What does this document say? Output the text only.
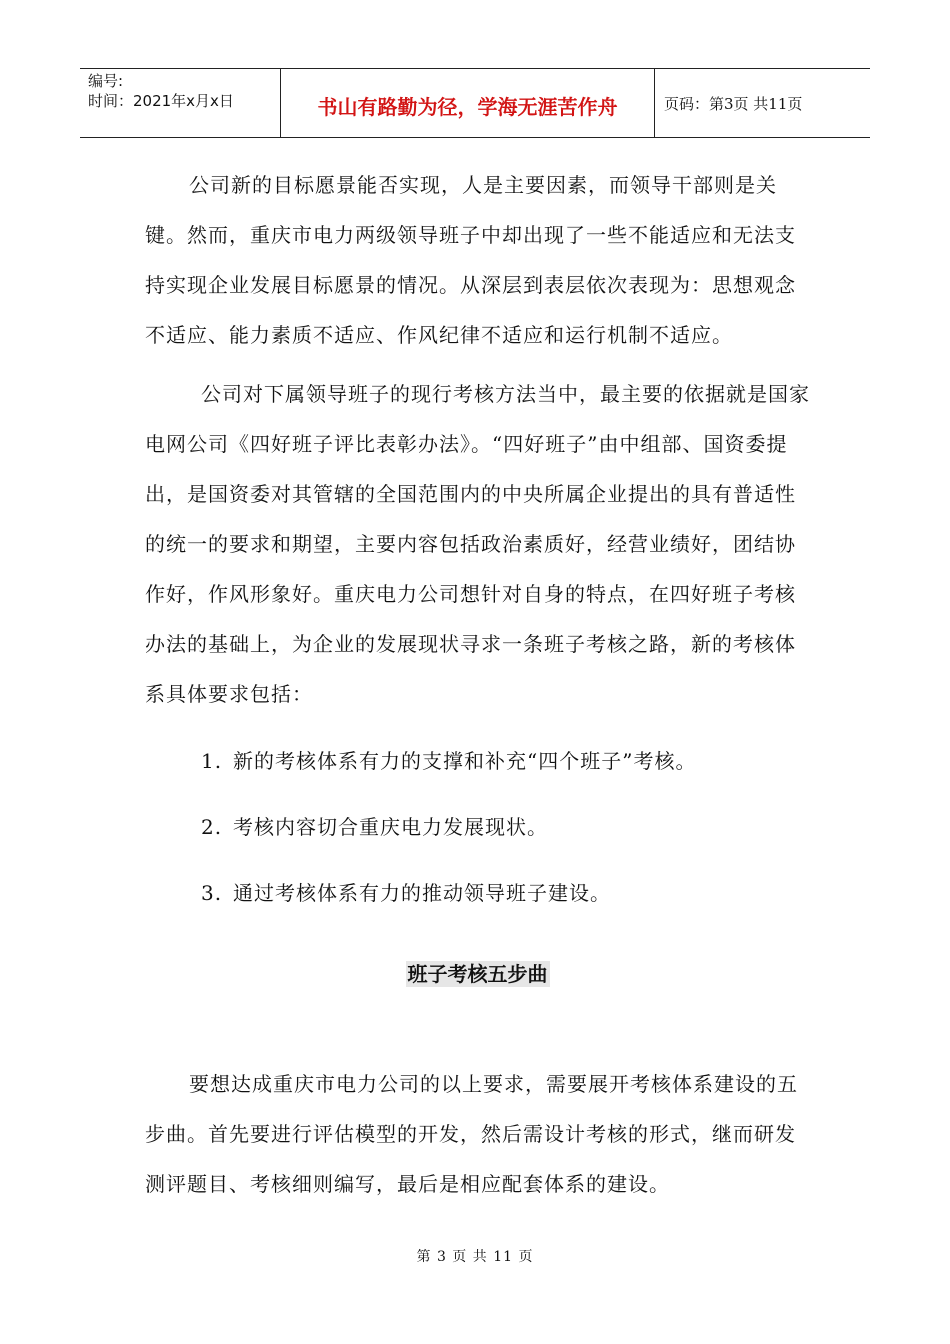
编号:
时间：2021年x月x日	书山有路勤为径，学海无涯苦作舟	页码：第3页 共11页

公司新的目标愿景能否实现，人是主要因素，而领导干部则是关键。然而，重庆市电力两级领导班子中却出现了一些不能适应和无法支持实现企业发展目标愿景的情况。从深层到表层依次表现为：思想观念不适应、能力素质不适应、作风纪律不适应和运行机制不适应。

公司对下属领导班子的现行考核方法当中，最主要的依据就是国家电网公司《四好班子评比表彰办法》。“四好班子”由中组部、国资委提出，是国资委对其管辖的全国范围内的中央所属企业提出的具有普适性的统一的要求和期望，主要内容包括政治素质好，经营业绩好，团结协作好，作风形象好。重庆电力公司想针对自身的特点，在四好班子考核办法的基础上，为企业的发展现状寻求一条班子考核之路，新的考核体系具体要求包括：

1. 新的考核体系有力的支撑和补充“四个班子”考核。
2. 考核内容切合重庆电力发展现状。
3. 通过考核体系有力的推动领导班子建设。
班子考核五步曲

要想达成重庆市电力公司的以上要求，需要展开考核体系建设的五步曲。首先要进行评估模型的开发，然后需设计考核的形式，继而研发测评题目、考核细则编写，最后是相应配套体系的建设。

第 3 页 共 11 页
